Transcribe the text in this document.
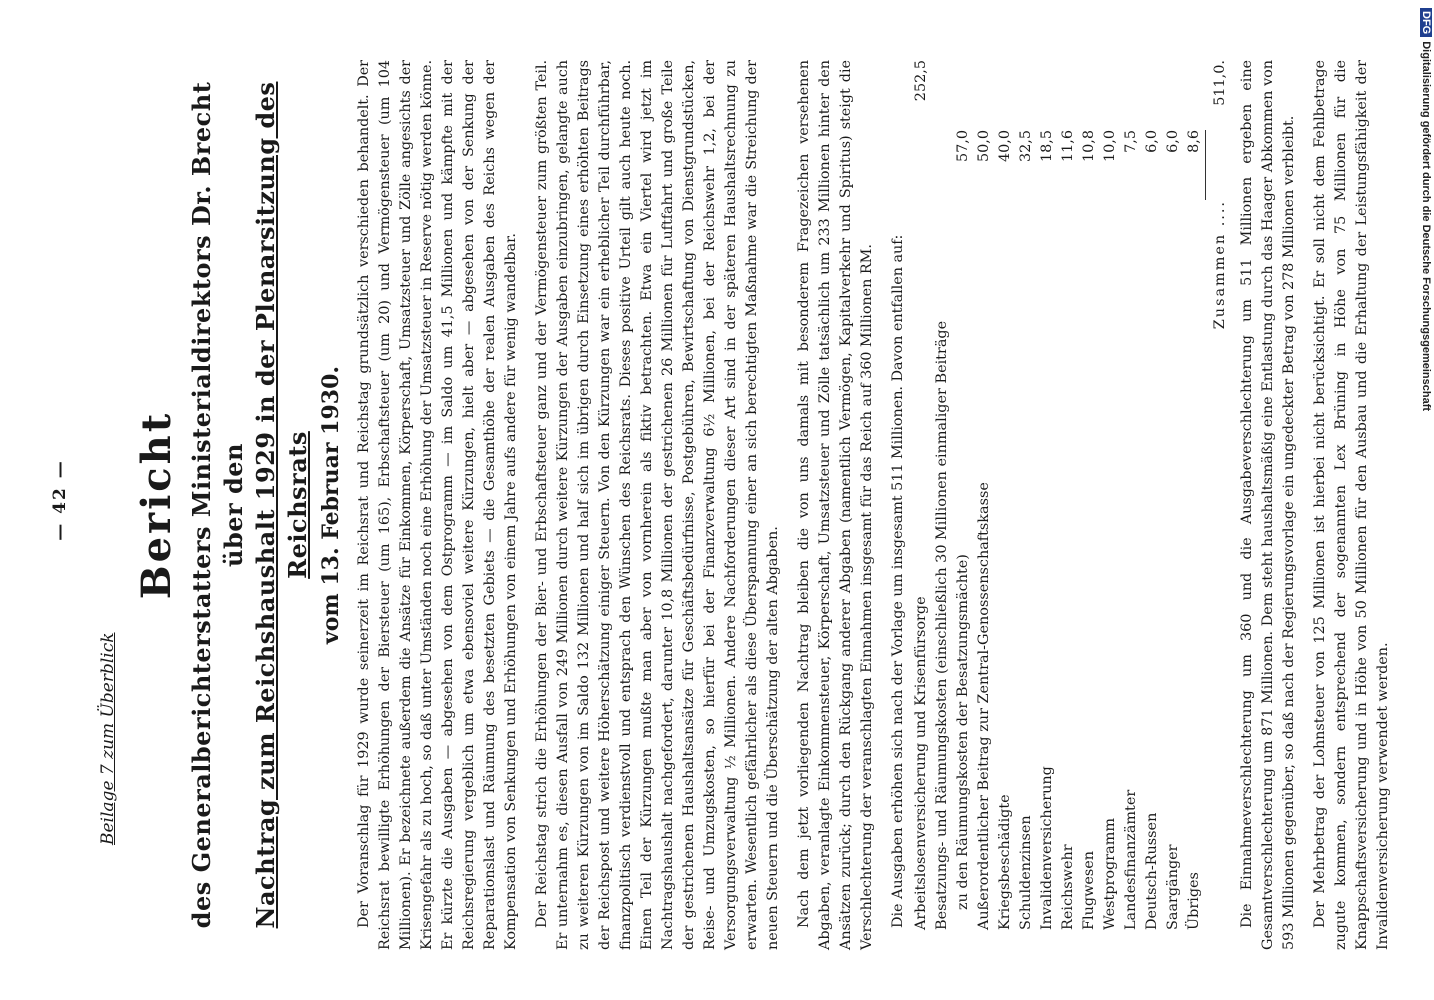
— 42 —
Beilage 7 zum Überblick
Bericht des Generalberichterstatters Ministerialdirektors Dr. Brecht über den Nachtrag zum Reichshaushalt 1929 in der Plenarsitzung des Reichsrats vom 13. Februar 1930. Der Voranschlag für 1929 wurde seinerzeit im Reichsrat und Reichstag grundsätzlich verschieden behandelt. Der Reichsrat bewilligte Erhöhungen der Biersteuer (um 165), Erbschaftsteuer (um 20) und Vermögensteuer (um 104 Millionen). Er bezeichnete außerdem die Ansätze für Einkommen, Körperschaft, Umsatzsteuer und Zölle angesichts der Krisengefahr als zu hoch, so daß unter Umständen noch eine Erhöhung der Umsatzsteuer in Reserve nötig werden könne. Er kürzte die Ausgaben — abgesehen von dem Ostprogramm — im Saldo um 41,5 Millionen und kämpfte mit der Reichsregierung vergeblich um etwa ebensoviel weitere Kürzungen, hielt aber — abgesehen von der Senkung der Reparationslast und Räumung des besetzten Gebiets — die Gesamthöhe der realen Ausgaben des Reichs wegen der Kompensation von Senkungen und Erhöhungen von einem Jahre aufs andere für wenig wandelbar. Der Reichstag strich die Erhöhungen der Bier- und Erbschaftsteuer ganz und der Vermögensteuer zum größten Teil. Er unternahm es, diesen Ausfall von 249 Millionen durch weitere Kürzungen der Ausgaben einzubringen, gelangte auch zu weiteren Kürzungen von im Saldo 132 Millionen und half sich im übrigen durch Einsetzung eines erhöhten Beitrags der Reichspost und weitere Höherschätzung einiger Steuern. Von den Kürzungen war ein erheblicher Teil durchführbar, finanzpolitisch verdienstvoll und entsprach den Wünschen des Reichsrats. Dieses positive Urteil gilt auch heute noch. Einen Teil der Kürzungen mußte man aber von vornherein als fiktiv betrachten. Etwa ein Viertel wird jetzt im Nachtragshaushalt nachgefordert, darunter 10,8 Millionen der gestrichenen 26 Millionen für Luftfahrt und große Teile der gestrichenen Haushaltsansätze für Geschäftsbedürfnisse, Postgebühren, Bewirtschaftung von Dienstgrundstücken, Reise- und Umzugskosten, so hierfür bei der Finanzverwaltung 6½ Millionen, bei der Reichswehr 1,2, bei der Versorgungsverwaltung ½ Millionen. Andere Nachforderungen dieser Art sind in der späteren Haushaltsrechnung zu erwarten. Wesentlich gefährlicher als diese Überspannung einer an sich berechtigten Maßnahme war die Streichung der neuen Steuern und die Überschätzung der alten Abgaben. Nach dem jetzt vorliegenden Nachtrag bleiben die von uns damals mit besonderem Fragezeichen versehenen Abgaben, veranlagte Einkommensteuer, Körperschaft, Umsatzsteuer und Zölle tatsächlich um 233 Millionen hinter den Ansätzen zurück; durch den Rückgang anderer Abgaben (namentlich Vermögen, Kapitalverkehr und Spiritus) steigt die Verschlechterung der veranschlagten Einnahmen insgesamt für das Reich auf 360 Millionen RM. Die Ausgaben erhöhen sich nach der Vorlage um insgesamt 511 Millionen. Davon entfallen auf: Arbeitslosenversicherung und Krisenfürsorge		252,5
Besatzungs- und Räumungskosten (einschließlich 30 Millionen einmaliger Beiträge		
zu den Räumungskosten der Besatzungsmächte)	57,0	
Außerordentlicher Beitrag zur Zentral-Genossenschaftskasse	50,0	
Kriegsbeschädigte	40,0	
Schuldenzinsen	32,5	
Invalidenversicherung	18,5	
Reichswehr	11,6	
Flugwesen	10,8	
Westprogramm	10,0	
Landesfinanzämter	7,5	
Deutsch-Russen	6,0	
Saargänger	6,0	
Übriges	8,6	
Zusammen ....		511,0. Die Einnahmeverschlechterung um 360 und die Ausgabeverschlechterung um 511 Millionen ergeben eine Gesamtverschlechterung um 871 Millionen. Dem steht haushaltsmäßig eine Entlastung durch das Haager Abkommen von 593 Millionen gegenüber, so daß nach der Regierungsvorlage ein ungedeckter Betrag von 278 Millionen verbleibt. Der Mehrbetrag der Lohnsteuer von 125 Millionen ist hierbei nicht berücksichtigt. Er soll nicht dem Fehlbetrage zugute kommen, sondern entsprechend der sogenannten Lex Brüning in Höhe von 75 Millionen für die Knappschaftsversicherung und in Höhe von 50 Millionen für den Ausbau und die Erhaltung der Leistungsfähigkeit der Invalidenversicherung verwendet werden.

DFGDigitalisierung gefördert durch die Deutsche Forschungsgemeinschaft
